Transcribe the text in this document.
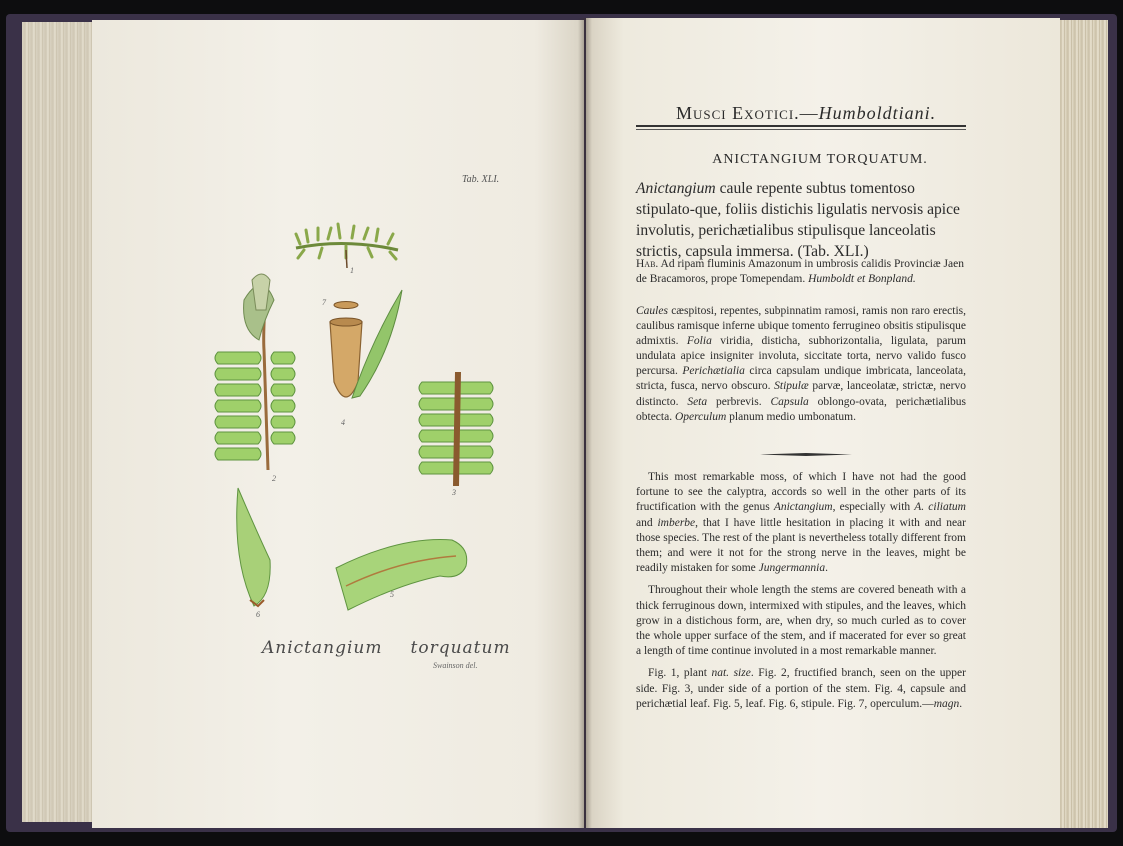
Tab. XLI.
1
2
3
4
5
6
7
Anictangium torquatum
Swainson del.
Musci Exotici.—Humboldtiani.
ANICTANGIUM TORQUATUM.
Anictangium caule repente subtus tomentoso stipulato-que, foliis distichis ligulatis nervosis apice involutis, perichætialibus stipulisque lanceolatis strictis, capsula immersa. (Tab. XLI.)
Hab. Ad ripam fluminis Amazonum in umbrosis calidis Provinciæ Jaen de Bracamoros, prope Tomependam. Humboldt et Bonpland.
Caules cæspitosi, repentes, subpinnatim ramosi, ramis non raro erectis, caulibus ramisque inferne ubique tomento ferrugineo obsitis stipulisque admixtis. Folia viridia, disticha, subhorizontalia, ligulata, parum undulata apice insigniter involuta, siccitate torta, nervo valido fusco percursa. Perichætialia circa capsulam undique imbricata, lanceolata, stricta, fusca, nervo obscuro. Stipulæ parvæ, lanceolatæ, strictæ, nervo distincto. Seta perbrevis. Capsula oblongo-ovata, perichætialibus obtecta. Operculum planum medio umbonatum.

This most remarkable moss, of which I have not had the good fortune to see the calyptra, accords so well in the other parts of its fructification with the genus Anictangium, especially with A. ciliatum and imberbe, that I have little hesitation in placing it with and near those species. The rest of the plant is nevertheless totally different from them; and were it not for the strong nerve in the leaves, might be readily mistaken for some Jungermannia.

Throughout their whole length the stems are covered beneath with a thick ferruginous down, intermixed with stipules, and the leaves, which grow in a distichous form, are, when dry, so much curled as to cover the whole upper surface of the stem, and if macerated for ever so great a length of time continue involuted in a most remarkable manner.

Fig. 1, plant nat. size. Fig. 2, fructified branch, seen on the upper side. Fig. 3, under side of a portion of the stem. Fig. 4, capsule and perichætial leaf. Fig. 5, leaf. Fig. 6, stipule. Fig. 7, operculum.—magn.
